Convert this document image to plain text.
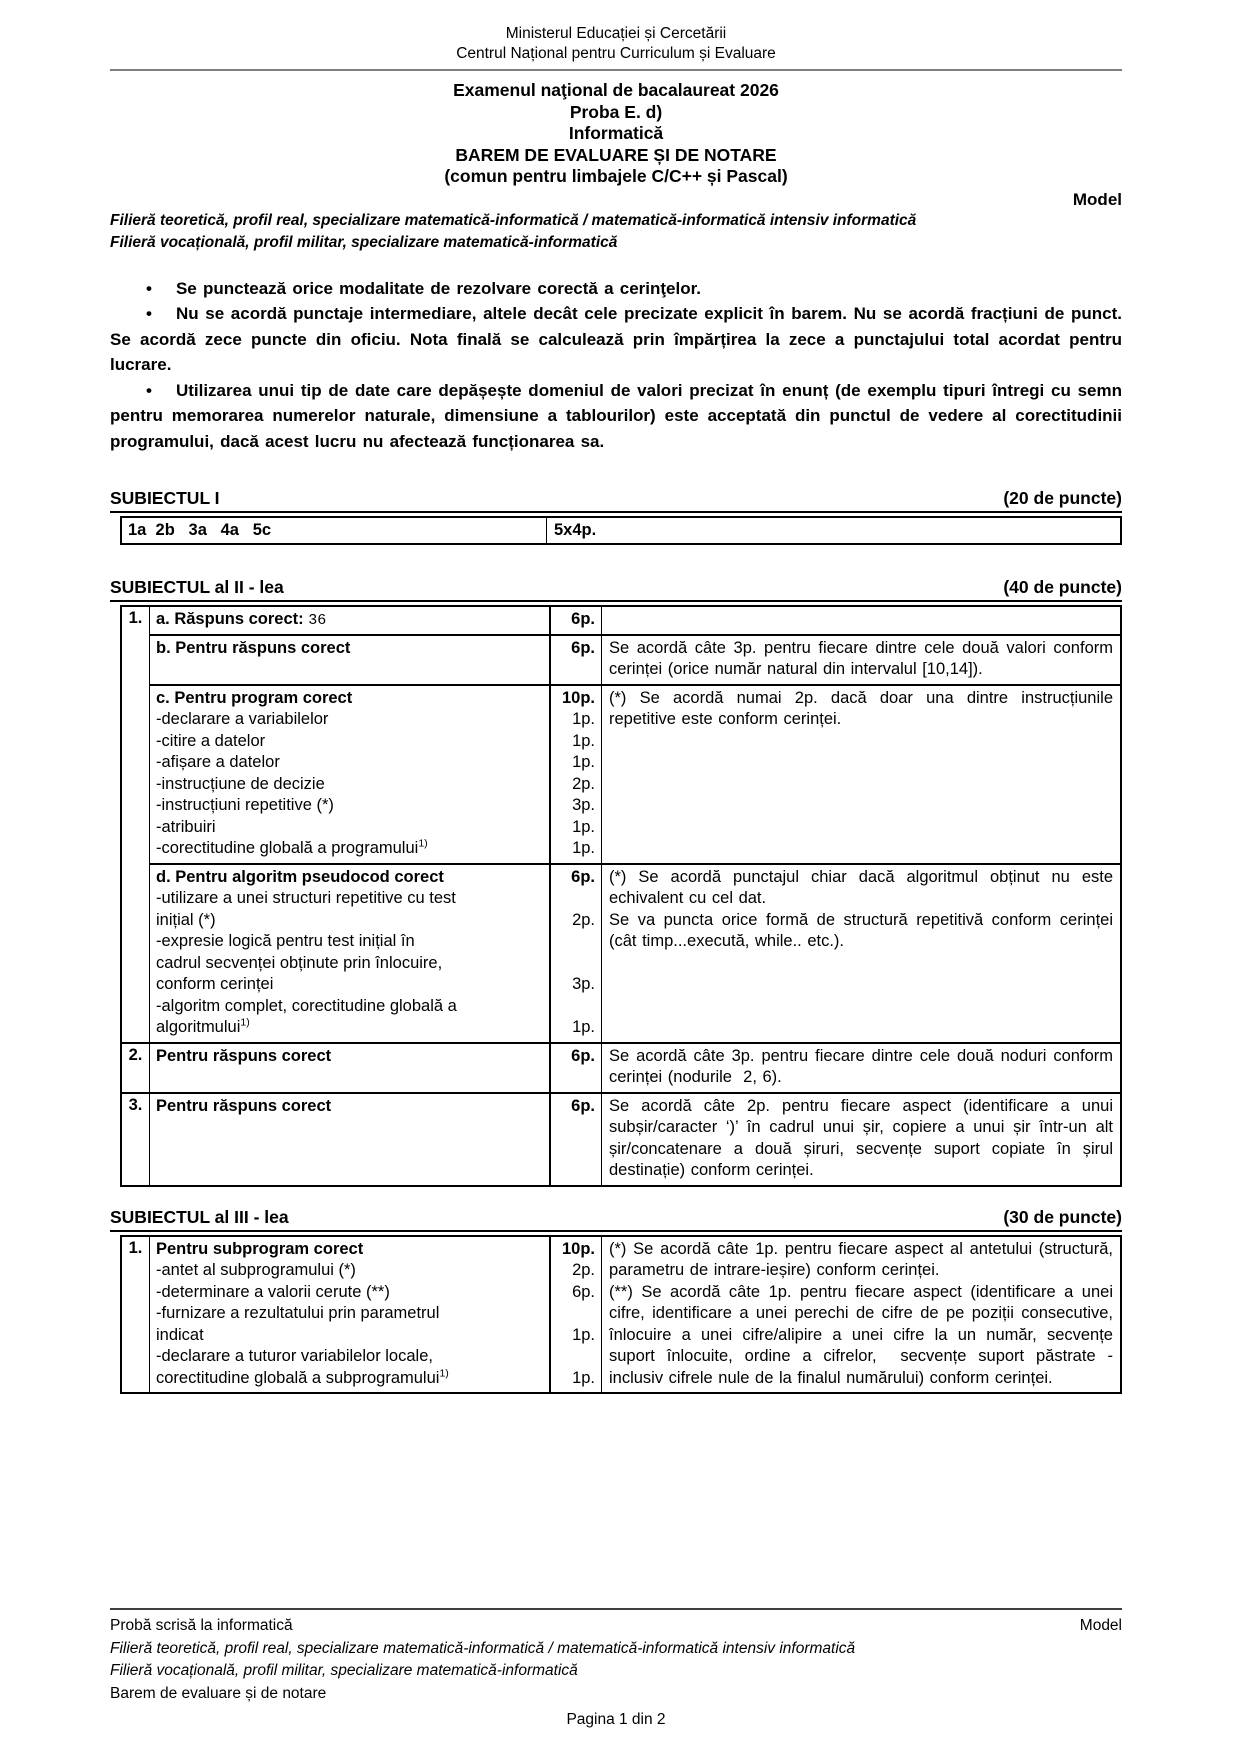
Ministerul Educației și Cercetării
Centrul Național pentru Curriculum și Evaluare
Examenul naţional de bacalaureat 2026
Proba E. d)
Informatică
BAREM DE EVALUARE ȘI DE NOTARE
(comun pentru limbajele C/C++ și Pascal)
Model
Filieră teoretică, profil real, specializare matematică-informatică / matematică-informatică intensiv informatică
Filieră vocațională, profil militar, specializare matematică-informatică

• Se punctează orice modalitate de rezolvare corectă a cerinţelor.

• Nu se acordă punctaje intermediare, altele decât cele precizate explicit în barem. Nu se acordă fracțiuni de punct. Se acordă zece puncte din oficiu. Nota finală se calculează prin împărțirea la zece a punctajului total acordat pentru lucrare.

• Utilizarea unui tip de date care depășește domeniul de valori precizat în enunț (de exemplu tipuri întregi cu semn pentru memorarea numerelor naturale, dimensiune a tablourilor) este acceptată din punctul de vedere al corectitudinii programului, dacă acest lucru nu afectează funcționarea sa.

SUBIECTUL I	(20 de puncte)
1a  2b   3a   4a   5c	5x4p.
SUBIECTUL al II - lea	(40 de puncte)
1. a. Răspuns corect: 36	6p.
b. Pentru răspuns corect	6p. Se acordă câte 3p. pentru fiecare dintre cele două valori conform cerinței (orice număr natural din intervalul [10,14]).
c. Pentru program corect	10p.
-declarare a variabilelor	1p.
-citire a datelor	1p.
-afișare a datelor	1p.
-instrucțiune de decizie	2p.
-instrucțiuni repetitive (*)	3p.
-atribuiri	1p.
-corectitudine globală a programului$^{1)}$	1p.
(*) Se acordă numai 2p. dacă doar una dintre instrucțiunile repetitive este conform cerinței.
d. Pentru algoritm pseudocod corect	6p.
-utilizare a unei structuri repetitive cu test
inițial (*)	2p.
-expresie logică pentru test inițial în
cadrul secvenței obținute prin înlocuire,
conform cerinței	3p.
-algoritm complet, corectitudine globală a
algoritmului$^{1)}$	1p.
(*) Se acordă punctajul chiar dacă algoritmul obținut nu este echivalent cu cel dat.
Se va puncta orice formă de structură repetitivă conform cerinței (cât timp...execută, while.. etc.).
2. Pentru răspuns corect	6p. Se acordă câte 3p. pentru fiecare dintre cele două noduri conform cerinței (nodurile  2, 6).
3. Pentru răspuns corect	6p. Se acordă câte 2p. pentru fiecare aspect (identificare a unui subșir/caracter ‘)’ în cadrul unui șir, copiere a unui șir într-un alt șir/concatenare a două șiruri, secvențe suport copiate în șirul destinație) conform cerinței.
SUBIECTUL al III - lea	(30 de puncte)
1. Pentru subprogram corect	10p.
-antet al subprogramului (*)	2p.
-determinare a valorii cerute (**)	6p.
-furnizare a rezultatului prin parametrul
indicat	1p.
-declarare a tuturor variabilelor locale,
corectitudine globală a subprogramului$^{1)}$	1p.
(*) Se acordă câte 1p. pentru fiecare aspect al antetului (structură, parametru de intrare-ieșire) conform cerinței.
(**) Se acordă câte 1p. pentru fiecare aspect (identificare a unei cifre, identificare a unei perechi de cifre de pe poziții consecutive, înlocuire a unei cifre/alipire a unei cifre la un număr, secvențe suport înlocuite, ordine a cifrelor,  secvențe suport păstrate - inclusiv cifrele nule de la finalul numărului) conform cerinței.
Probă scrisă la informatică	Model
Filieră teoretică, profil real, specializare matematică-informatică / matematică-informatică intensiv informatică
Filieră vocațională, profil militar, specializare matematică-informatică
Barem de evaluare și de notare
Pagina 1 din 2
